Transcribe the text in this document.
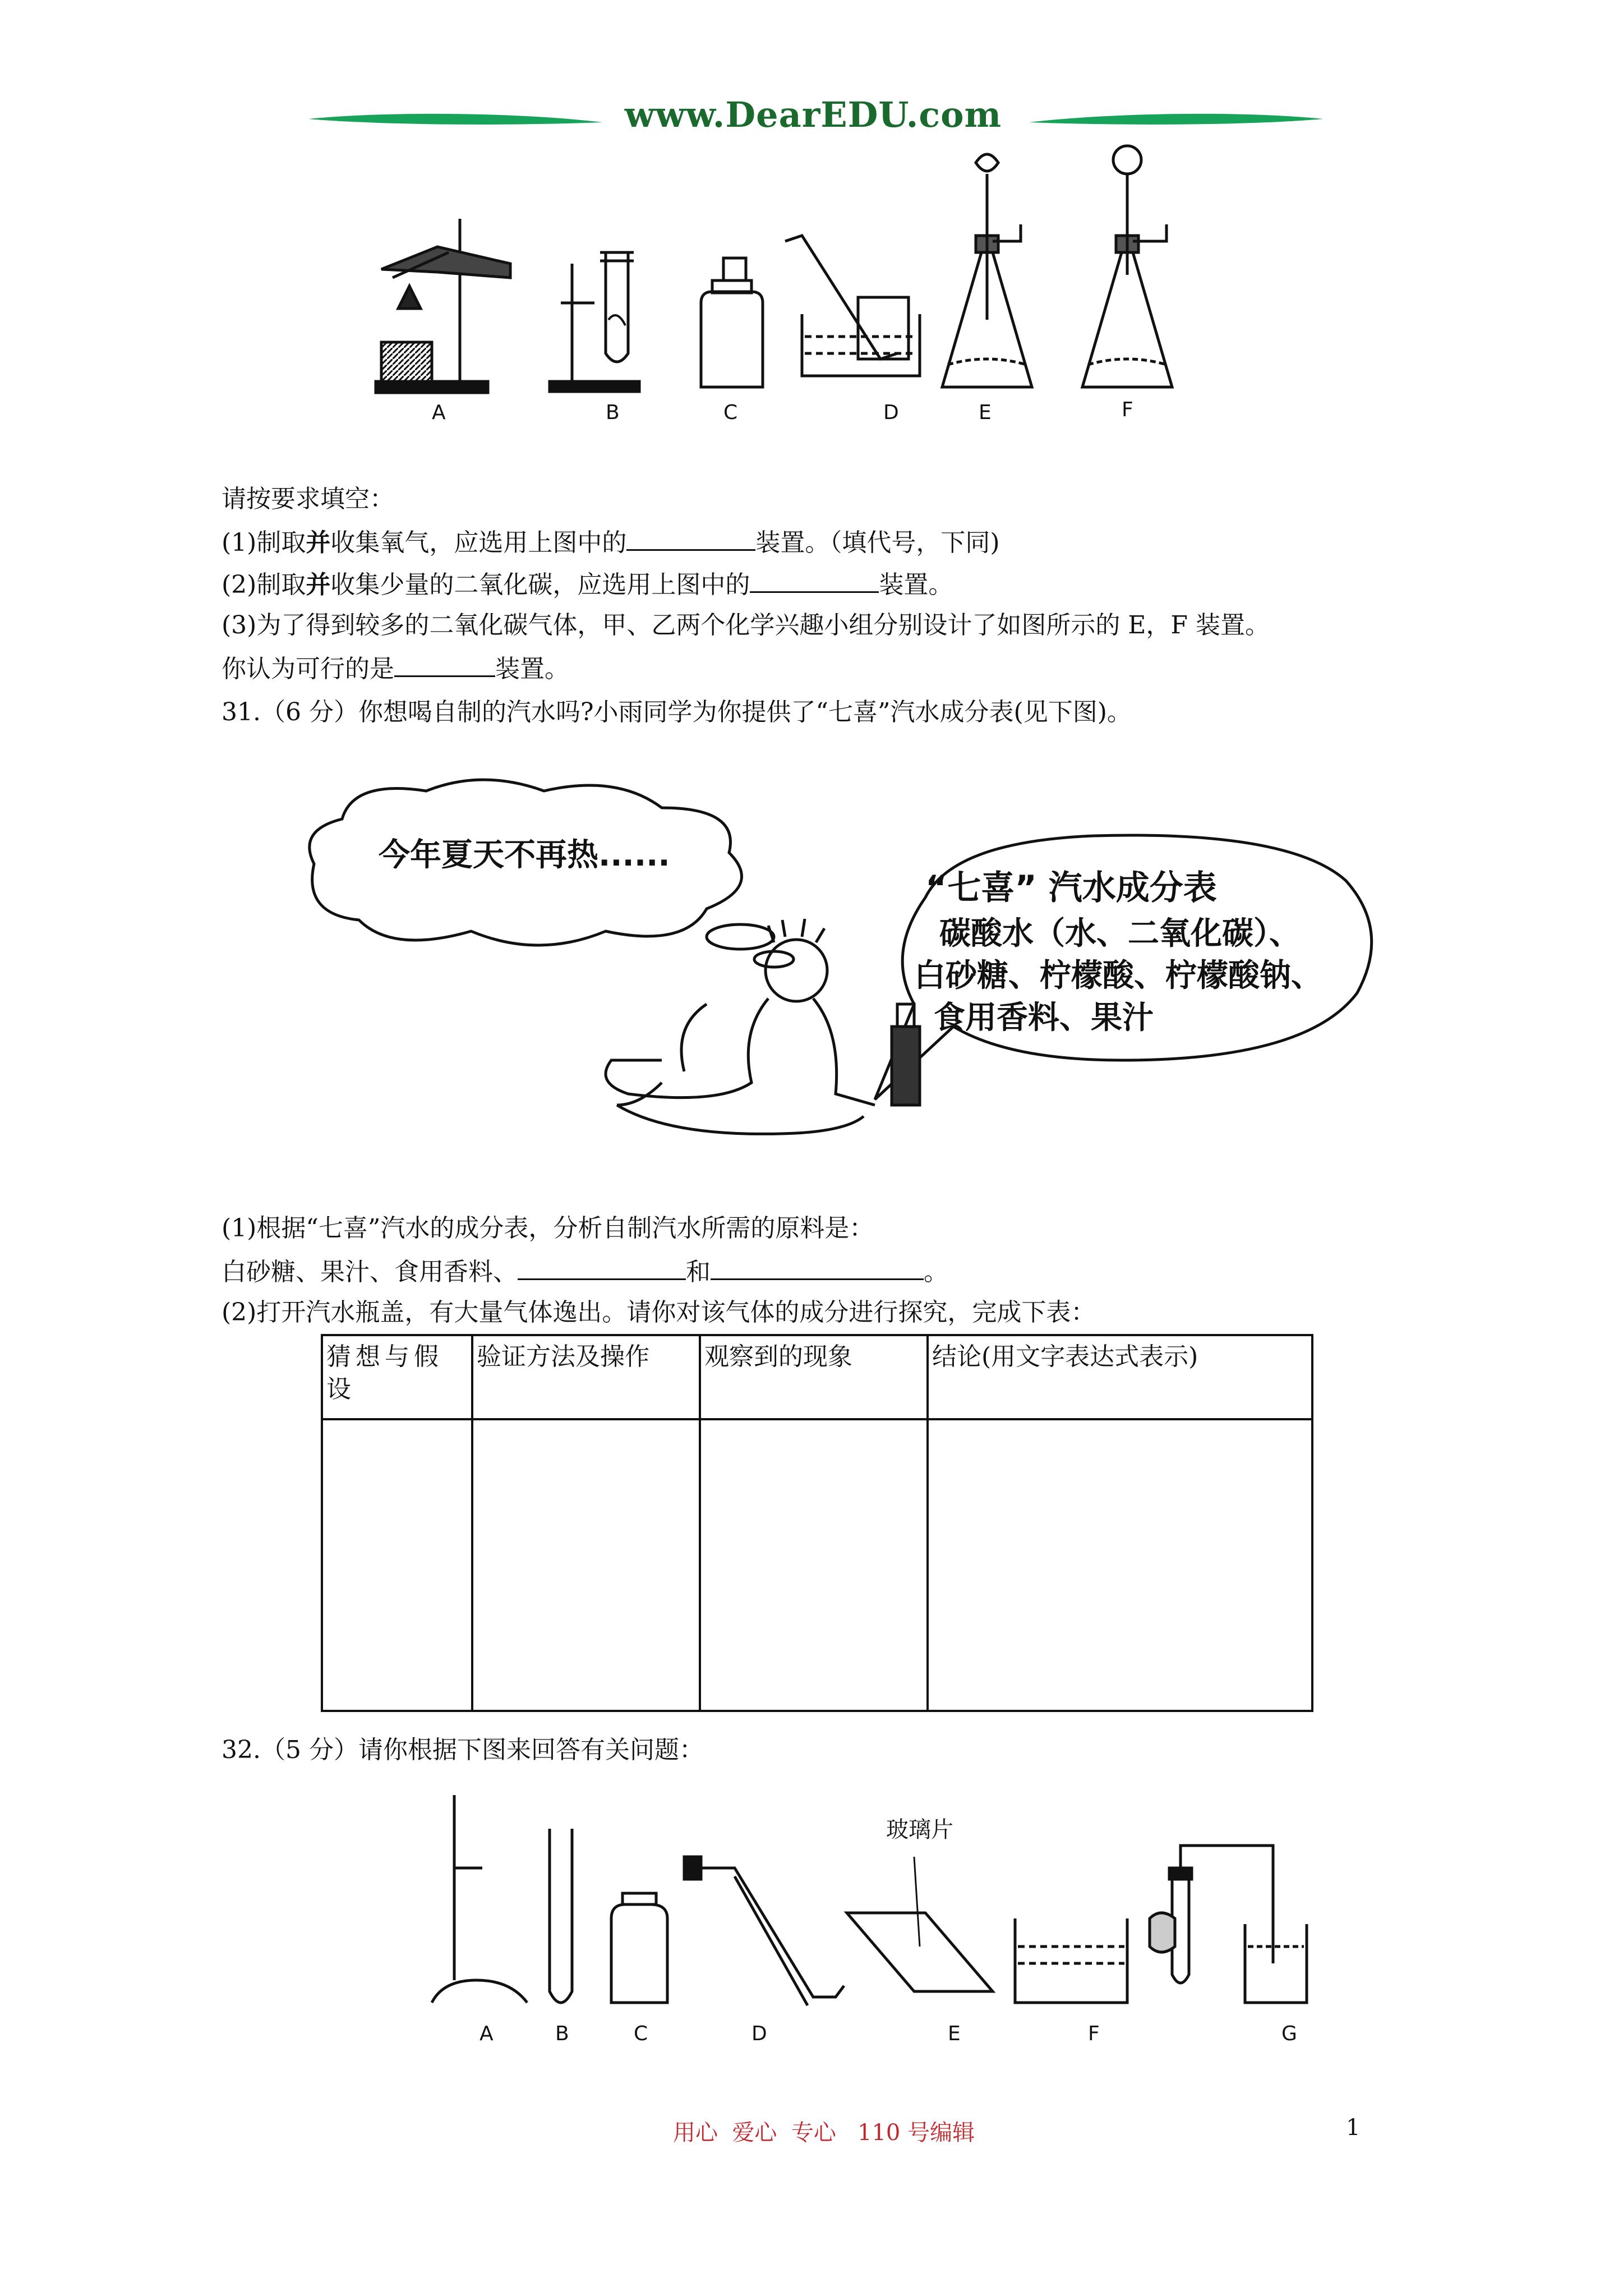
www.DearEDU.com
A	B	C	D	E	F
请按要求填空：
(1)制取并收集氧气，应选用上图中的	装置。（填代号，下同)
(2)制取并收集少量的二氧化碳，应选用上图中的	装置。
(3)为了得到较多的二氧化碳气体，甲、乙两个化学兴趣小组分别设计了如图所示的 E，F 装置。
你认为可行的是	装置。
31.（6 分）你想喝自制的汽水吗?小雨同学为你提供了“七喜”汽水成分表(见下图)。
今年夏天不再热......
“七喜” 汽水成分表
碳酸水（水、二氧化碳）、
白砂糖、柠檬酸、柠檬酸钠、
食用香料、果汁
(1)根据“七喜”汽水的成分表，分析自制汽水所需的原料是：
白砂糖、果汁、食用香料、	和	。
(2)打开汽水瓶盖，有大量气体逸出。请你对该气体的成分进行探究，完成下表：
猜想与假设	验证方法及操作	观察到的现象	结论(用文字表达式表示)

32.（5 分）请你根据下图来回答有关问题：
玻璃片
A	B	C	D	E	F	G
用心  爱心  专心   110 号编辑	1
